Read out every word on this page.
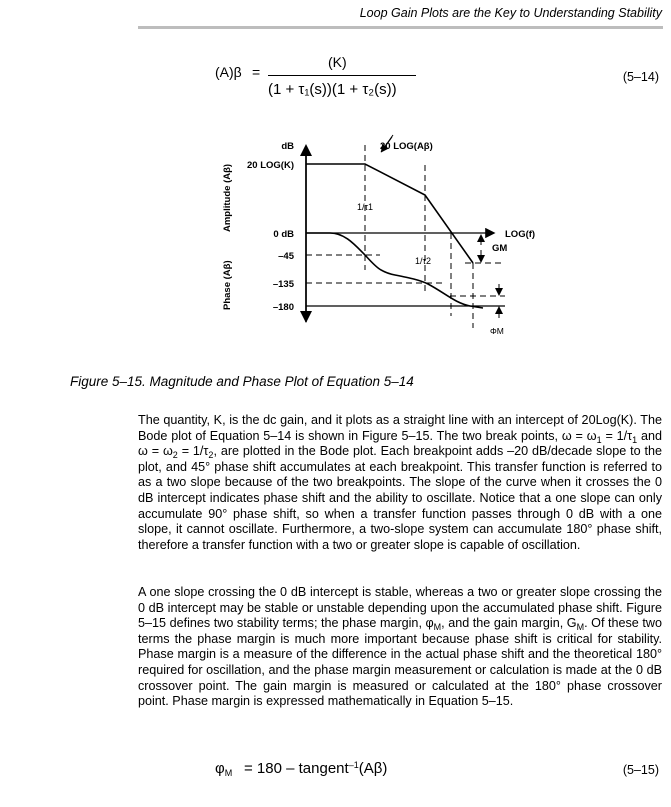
Loop Gain Plots are the Key to Understanding Stability
(A)β =
(K)
(1 + τ₁(s))(1 + τ₂(s))
(5–14)
dB
20 LOG(K)
0 dB
–45
–135
–180
Amplitude (Aβ)
Phase (Aβ)
20 LOG(Aβ)
1/τ1
1/τ2
LOG(f)
GM
ΦM
Figure 5–15. Magnitude and Phase Plot of Equation 5–14

The quantity, K, is the dc gain, and it plots as a straight line with an intercept of 20Log(K). The Bode plot of Equation 5–14 is shown in Figure 5–15. The two break points, $\omega = \omega_1 = 1/\tau_1$ and $\omega = \omega_2 = 1/\tau_2$, are plotted in the Bode plot. Each breakpoint adds –20 dB/decade slope to the plot, and 45° phase shift accumulates at each breakpoint. This transfer function is referred to as a two slope because of the two breakpoints. The slope of the curve when it crosses the 0 dB intercept indicates phase shift and the ability to oscillate. Notice that a one slope can only accumulate 90° phase shift, so when a transfer function passes through 0 dB with a one slope, it cannot oscillate. Furthermore, a two-slope system can accumulate 180° phase shift, therefore a transfer function with a two or greater slope is capable of oscillation.

A one slope crossing the 0 dB intercept is stable, whereas a two or greater slope crossing the 0 dB intercept may be stable or unstable depending upon the accumulated phase shift. Figure 5–15 defines two stability terms; the phase margin, $\varphi_M$, and the gain margin, $G_M$. Of these two terms the phase margin is much more important because phase shift is critical for stability. Phase margin is a measure of the difference in the actual phase shift and the theoretical 180° required for oscillation, and the phase margin measurement or calculation is made at the 0 dB crossover point. The gain margin is measured or calculated at the 180° phase crossover point. Phase margin is expressed mathematically in Equation 5–15.

$\varphi_M = 180$ – tangent$^{-1}$(Aβ)	(5–15)
